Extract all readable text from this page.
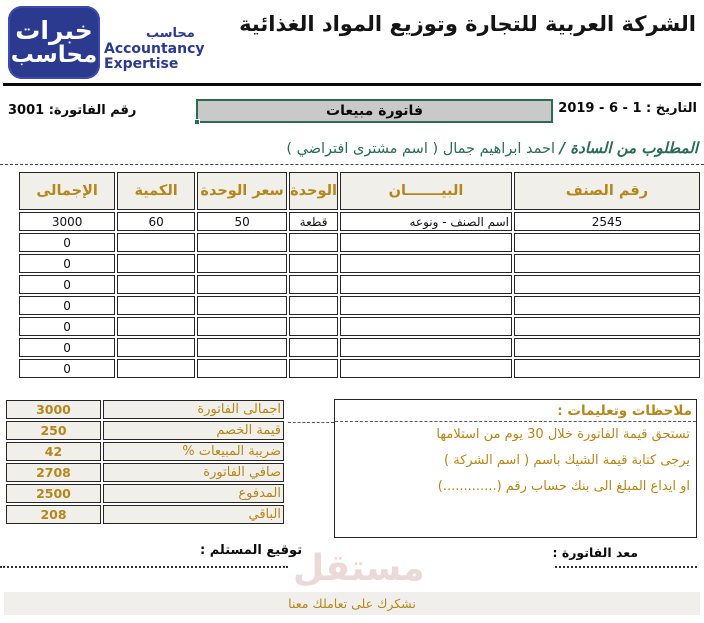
خبرات
محاسب
محاسب
Accountancy
Expertise
الشركة العربية للتجارة وتوزيع المواد الغذائية
التاريخ : 1 - 6 - 2019
فاتورة مبيعات
رقم الفاتورة: 3001
المطلوب من السادة / احمد ابراهيم جمال ( اسم مشترى افتراضي )
رقم الصنف	البيـــــــان	الوحدة	سعر الوحدة	الكمية	الإجمالى
2545	اسم الصنف - ونوعه	قطعة	50	60	3000
					0
					0
					0
					0
					0
					0
					0
اجمالى الفاتورة	3000
قيمة الخصم	250
ضريبة المبيعات %	42
صافي الفاتورة	2708
المدفوع	2500
الباقي	208
ملاحظات وتعليمات :
تستحق قيمة الفاتورة خلال 30 يوم من استلامها
يرجى كتابة قيمة الشيك باسم ( اسم الشركة )
او ايداع المبلغ الى بنك حساب رقم (.............)
معد الفاتورة :
توقيع المستلم :
مستقل
نشكرك على تعاملك معنا
